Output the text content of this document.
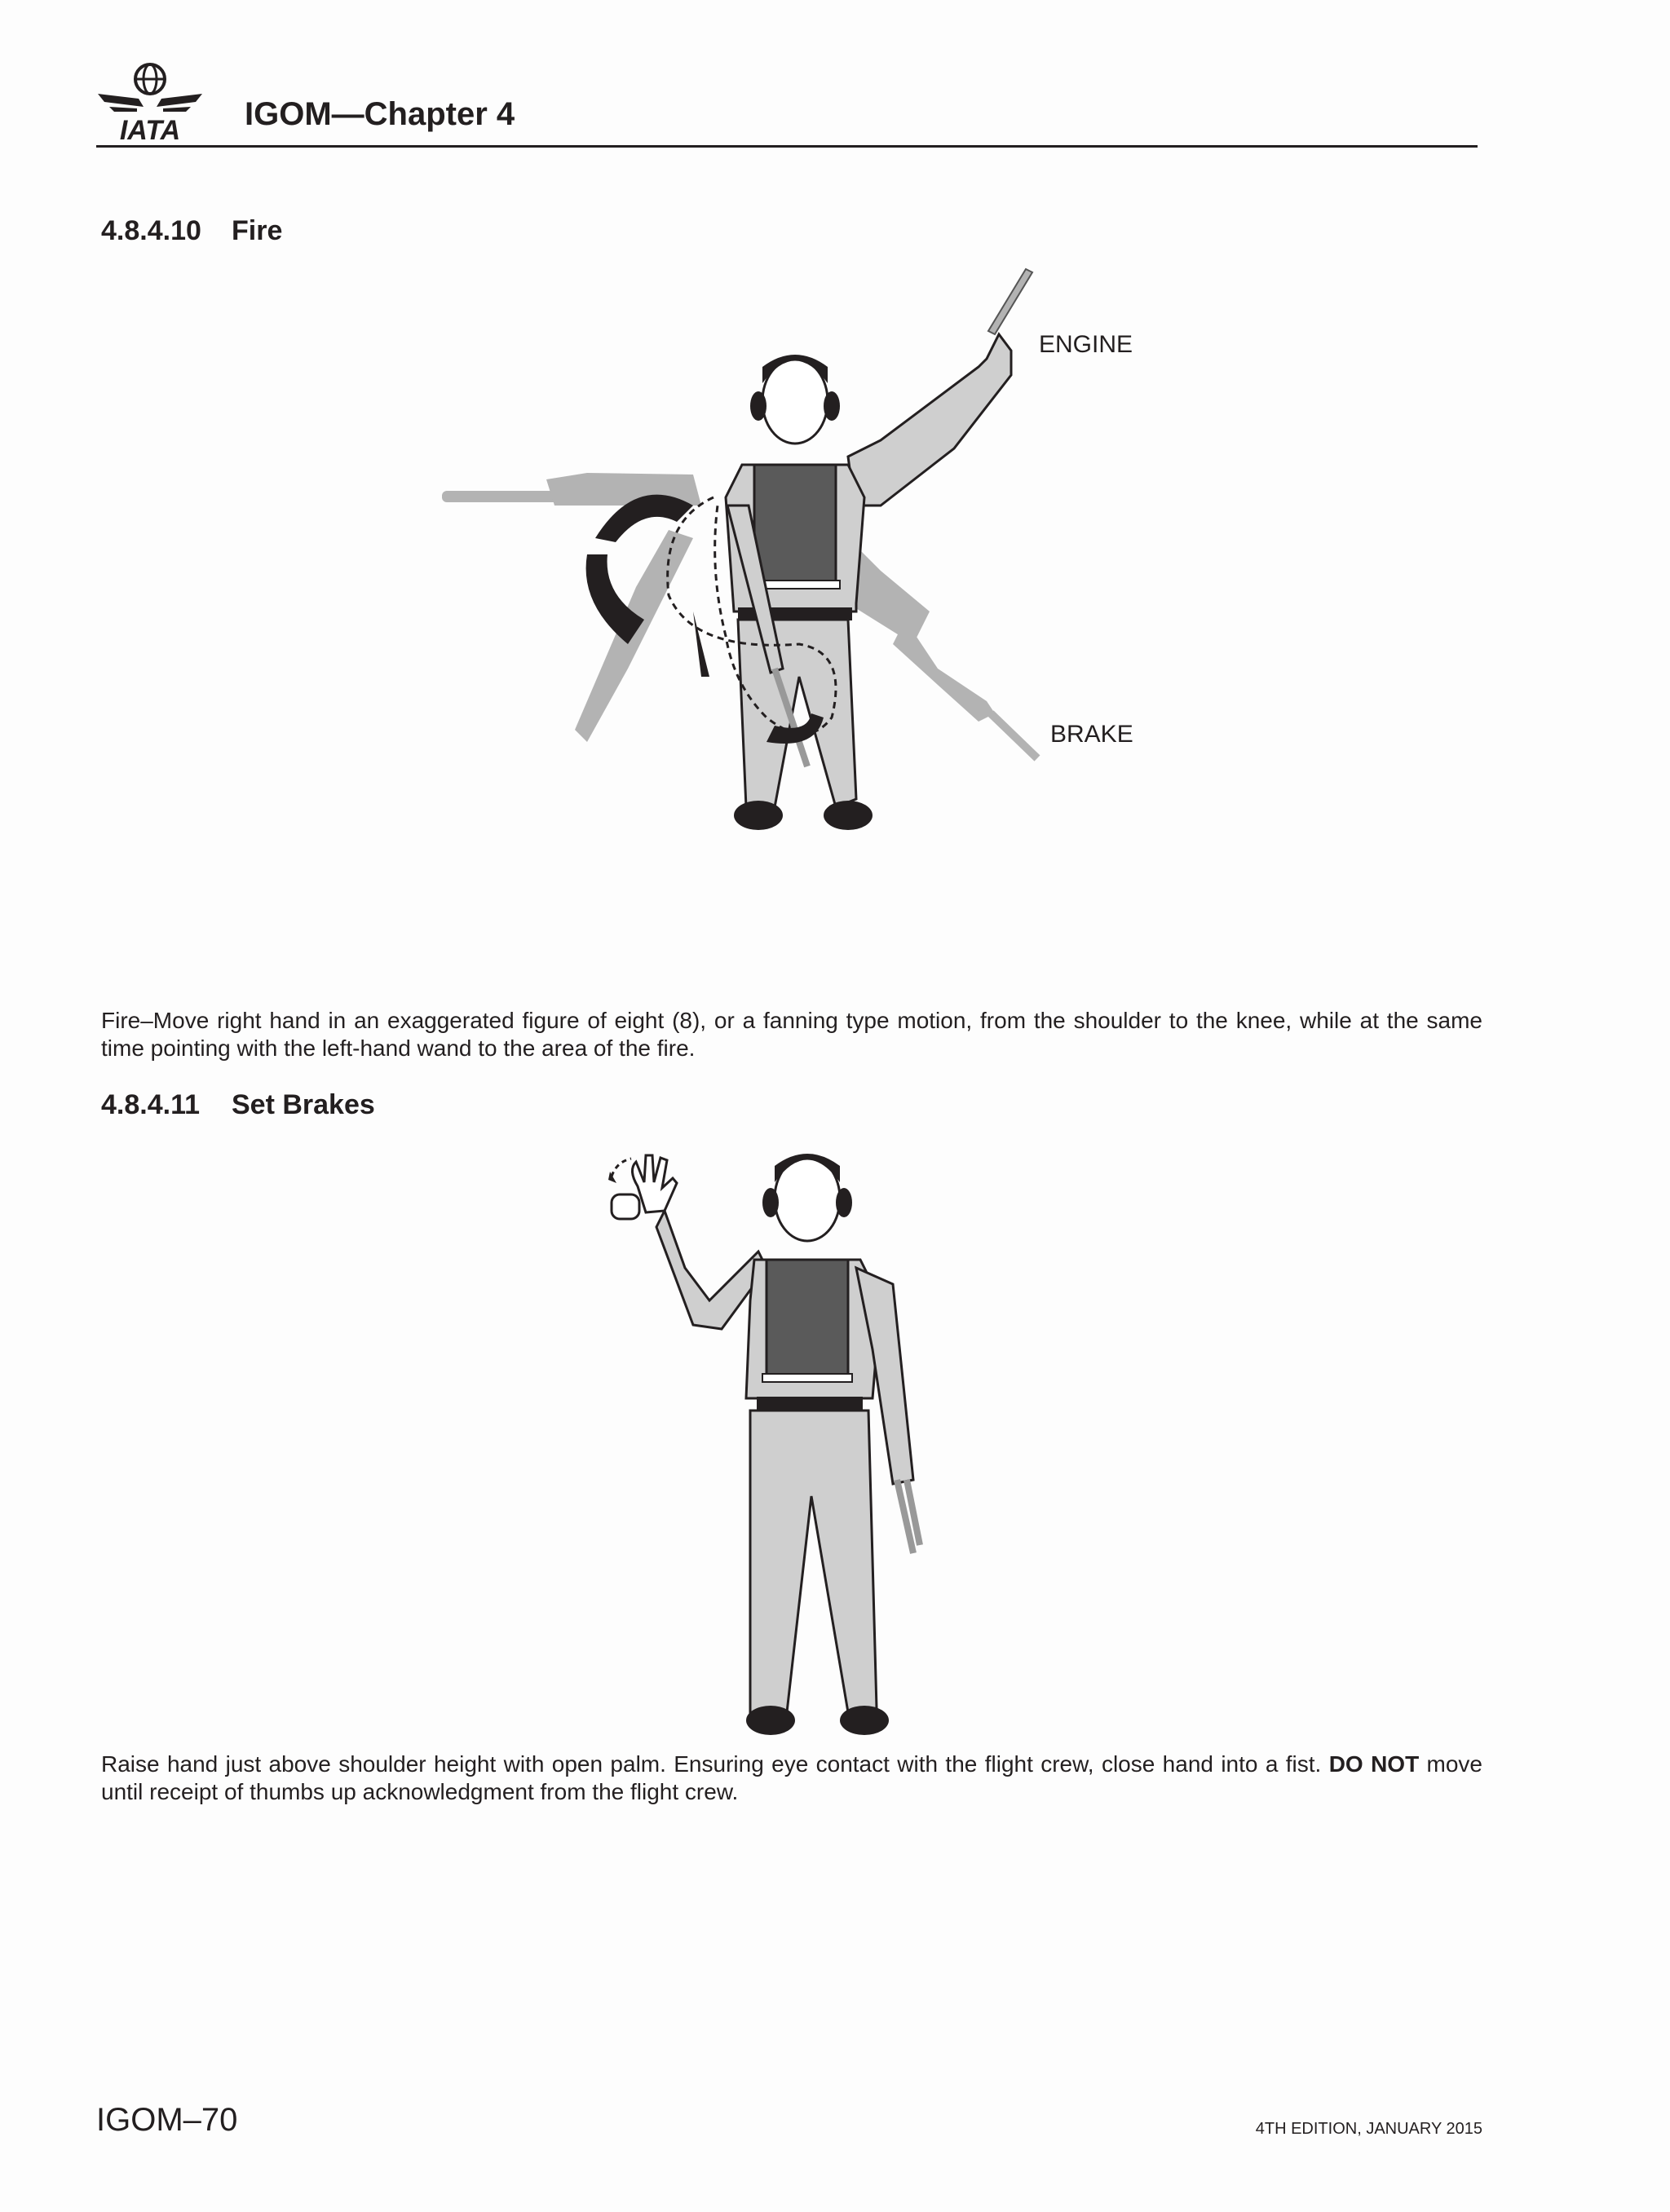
IATA IGOM—Chapter 4
4.8.4.10 Fire
ENGINE
BRAKE
Fire–Move right hand in an exaggerated figure of eight (8), or a fanning type motion, from the shoulder to the knee, while at the same time pointing with the left-hand wand to the area of the fire.
4.8.4.11 Set Brakes
Raise hand just above shoulder height with open palm. Ensuring eye contact with the flight crew, close hand into a fist. DO NOT move until receipt of thumbs up acknowledgment from the flight crew.
IGOM–70	4TH EDITION, JANUARY 2015
